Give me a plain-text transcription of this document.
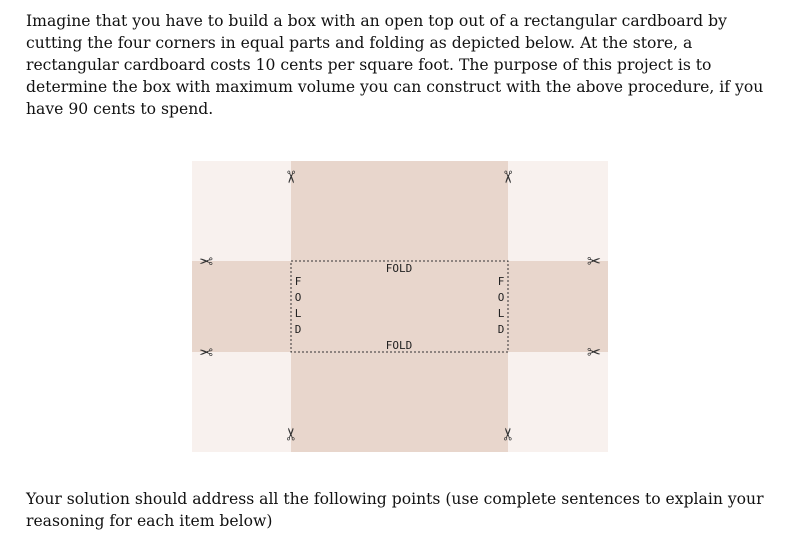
Imagine that you have to build a box with an open top out of a rectangular cardboard by cutting the four corners in equal parts and folding as depicted below. At the store, a rectangular cardboard costs 10 cents per square foot. The purpose of this project is to determine the box with maximum volume you can construct with the above procedure, if you have 90 cents to spend.

FOLD
FOLD
F
O
L
D
F
O
L
D
✂	✂
✂	✂
✂
✂
✂
✂

Your solution should address all the following points (use complete sentences to explain your reasoning for each item below)
